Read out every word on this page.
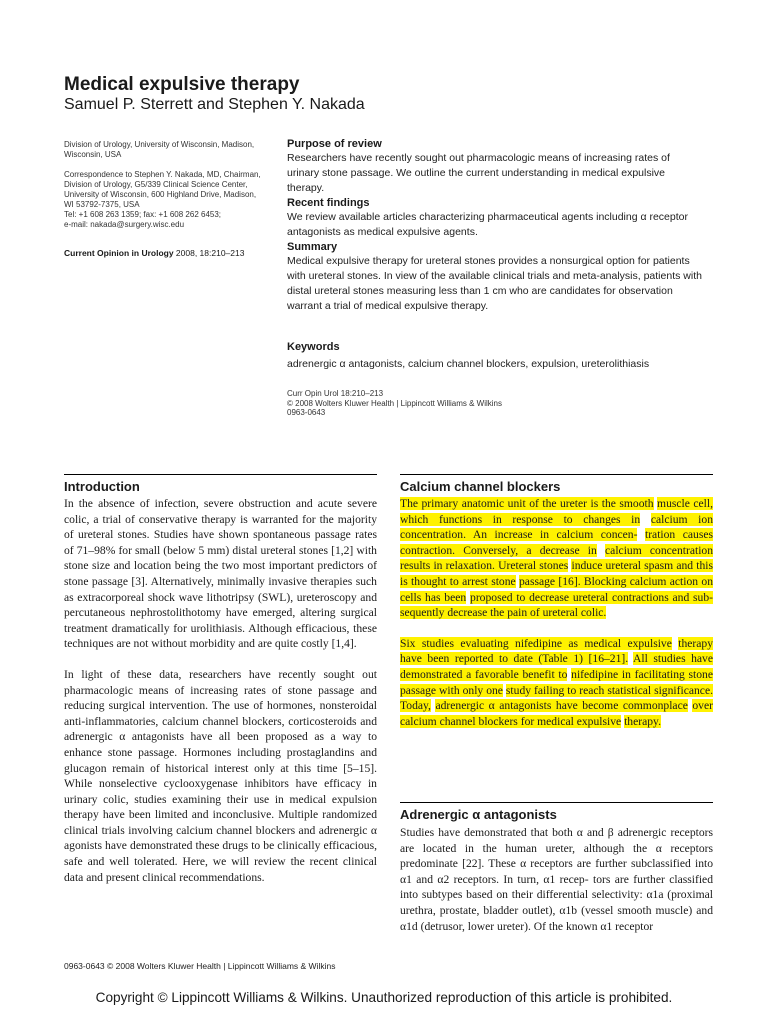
Medical expulsive therapy
Samuel P. Sterrett and Stephen Y. Nakada

Division of Urology, University of Wisconsin, Madison,

Wisconsin, USA

Correspondence to Stephen Y. Nakada, MD, Chairman,

Division of Urology, G5/339 Clinical Science Center,

University of Wisconsin, 600 Highland Drive, Madison,

WI 53792-7375, USA

Tel: +1 608 263 1359; fax: +1 608 262 6453;

e-mail: nakada@surgery.wisc.edu

Current Opinion in Urology 2008, 18:210–213
Purpose of review
Researchers have recently sought out pharmacologic means of increasing rates of
urinary stone passage. We outline the current understanding in medical expulsive
therapy.
Recent findings
We review available articles characterizing pharmaceutical agents including α receptor
antagonists as medical expulsive agents.
Summary
Medical expulsive therapy for ureteral stones provides a nonsurgical option for patients
with ureteral stones. In view of the available clinical trials and meta-analysis, patients with
distal ureteral stones measuring less than 1 cm who are candidates for observation
warrant a trial of medical expulsive therapy.
Keywords
adrenergic α antagonists, calcium channel blockers, expulsion, ureterolithiasis
Curr Opin Urol 18:210–213
© 2008 Wolters Kluwer Health | Lippincott Williams & Wilkins
0963-0643
Introduction

In the absence of infection, severe obstruction and acute severe colic, a trial of conservative therapy is warranted for the majority of ureteral stones. Studies have shown spontaneous passage rates of 71–98% for small (below 5 mm) distal ureteral stones [1,2] with stone size and location being the two most important predictors of stone passage [3]. Alternatively, minimally invasive therapies such as extracorporeal shock wave lithotripsy (SWL), ureteroscopy and percutaneous nephrostolithotomy have emerged, altering surgical treatment dramatically for urolithiasis. Although efficacious, these techniques are not without morbidity and are quite costly [1,4].

In light of these data, researchers have recently sought out pharmacologic means of increasing rates of stone passage and reducing surgical intervention. The use of hormones, nonsteroidal anti-inflammatories, calcium channel blockers, corticosteroids and adrenergic α antagonists have all been proposed as a way to enhance stone passage. Hormones including prostaglandins and glucagon remain of historical interest only at this time [5–15]. While nonselective cyclooxygenase inhibitors have efficacy in urinary colic, studies examining their use in medical expulsion therapy have been limited and inconclusive. Multiple randomized clinical trials involving calcium channel blockers and adrenergic α agonists have demonstrated these drugs to be clinically efficacious, safe and well tolerated. Here, we will review the recent clinical data and present clinical recommendations.

Calcium channel blockers

The primary anatomic unit of the ureter is the smooth muscle cell, which functions in response to changes in calcium ion concentration. An increase in calcium concen- tration causes contraction. Conversely, a decrease in calcium concentration results in relaxation. Ureteral stones induce ureteral spasm and this is thought to arrest stone passage [16]. Blocking calcium action on cells has been proposed to decrease ureteral contractions and sub- sequently decrease the pain of ureteral colic.

Six studies evaluating nifedipine as medical expulsive therapy have been reported to date (Table 1) [16–21]. All studies have demonstrated a favorable benefit to nifedipine in facilitating stone passage with only one study failing to reach statistical significance. Today, adrenergic α antagonists have become commonplace over calcium channel blockers for medical expulsive therapy.

Adrenergic α antagonists

Studies have demonstrated that both α and β adrenergic receptors are located in the human ureter, although the α receptors predominate [22]. These α receptors are further subclassified into α1 and α2 receptors. In turn, α1 recep- tors are further classified into subtypes based on their differential selectivity: α1a (proximal urethra, prostate, bladder outlet), α1b (vessel smooth muscle) and α1d (detrusor, lower ureter). Of the known α1 receptor

0963-0643 © 2008 Wolters Kluwer Health | Lippincott Williams & Wilkins
Copyright © Lippincott Williams & Wilkins. Unauthorized reproduction of this article is prohibited.
